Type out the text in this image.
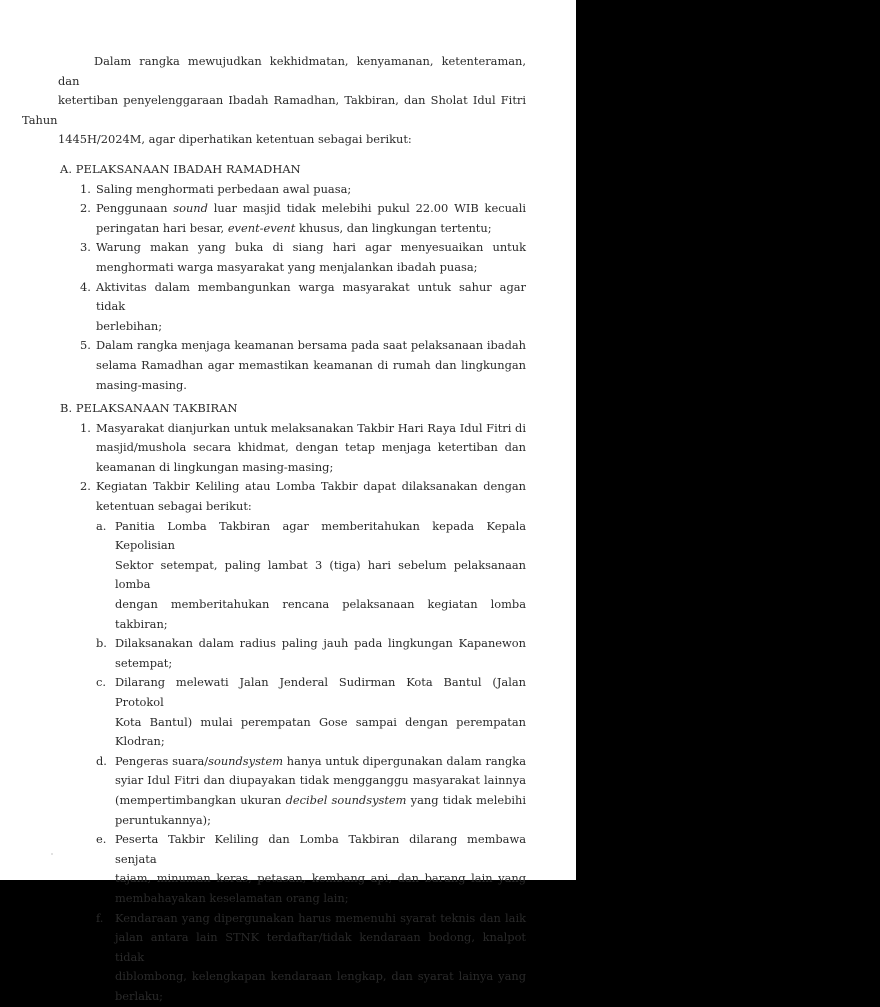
Dalam rangka mewujudkan kekhidmatan, kenyamanan, ketenteraman, dan
ketertiban penyelenggaraan Ibadah Ramadhan, Takbiran, dan Sholat Idul Fitri Tahun
1445H/2024M, agar diperhatikan ketentuan sebagai berikut:

A. PELAKSANAAN IBADAH RAMADHAN

1. Saling menghormati perbedaan awal puasa;
2. Penggunaan sound luar masjid tidak melebihi pukul 22.00 WIB kecuali
peringatan hari besar, event-event khusus, dan lingkungan tertentu;
3. Warung makan yang buka di siang hari agar menyesuaikan untuk
menghormati warga masyarakat yang menjalankan ibadah puasa;
4. Aktivitas dalam membangunkan warga masyarakat untuk sahur agar tidak
berlebihan;
5. Dalam rangka menjaga keamanan bersama pada saat pelaksanaan ibadah
selama Ramadhan agar memastikan keamanan di rumah dan lingkungan
masing-masing.

B. PELAKSANAAN TAKBIRAN

1. Masyarakat dianjurkan untuk melaksanakan Takbir Hari Raya Idul Fitri di
masjid/mushola secara khidmat, dengan tetap menjaga ketertiban dan
keamanan di lingkungan masing-masing;
2. Kegiatan Takbir Keliling atau Lomba Takbir dapat dilaksanakan dengan
ketentuan sebagai berikut:
a. Panitia Lomba Takbiran agar memberitahukan kepada Kepala Kepolisian
Sektor setempat, paling lambat 3 (tiga) hari sebelum pelaksanaan lomba
dengan memberitahukan rencana pelaksanaan kegiatan lomba takbiran;
b. Dilaksanakan dalam radius paling jauh pada lingkungan Kapanewon
setempat;
c. Dilarang melewati Jalan Jenderal Sudirman Kota Bantul (Jalan Protokol
Kota Bantul) mulai perempatan Gose sampai dengan perempatan Klodran;
d. Pengeras suara/soundsystem hanya untuk dipergunakan dalam rangka
syiar Idul Fitri dan diupayakan tidak mengganggu masyarakat lainnya
(mempertimbangkan ukuran decibel soundsystem yang tidak melebihi
peruntukannya);
e. Peserta Takbir Keliling dan Lomba Takbiran dilarang membawa senjata
tajam, minuman keras, petasan, kembang api, dan barang lain yang
membahayakan keselamatan orang lain;
f.	Kendaraan yang dipergunakan harus memenuhi syarat teknis dan laik
jalan antara lain STNK terdaftar/tidak kendaraan bodong, knalpot tidak
diblombong, kelengkapan kendaraan lengkap, dan syarat lainya yang
berlaku;
